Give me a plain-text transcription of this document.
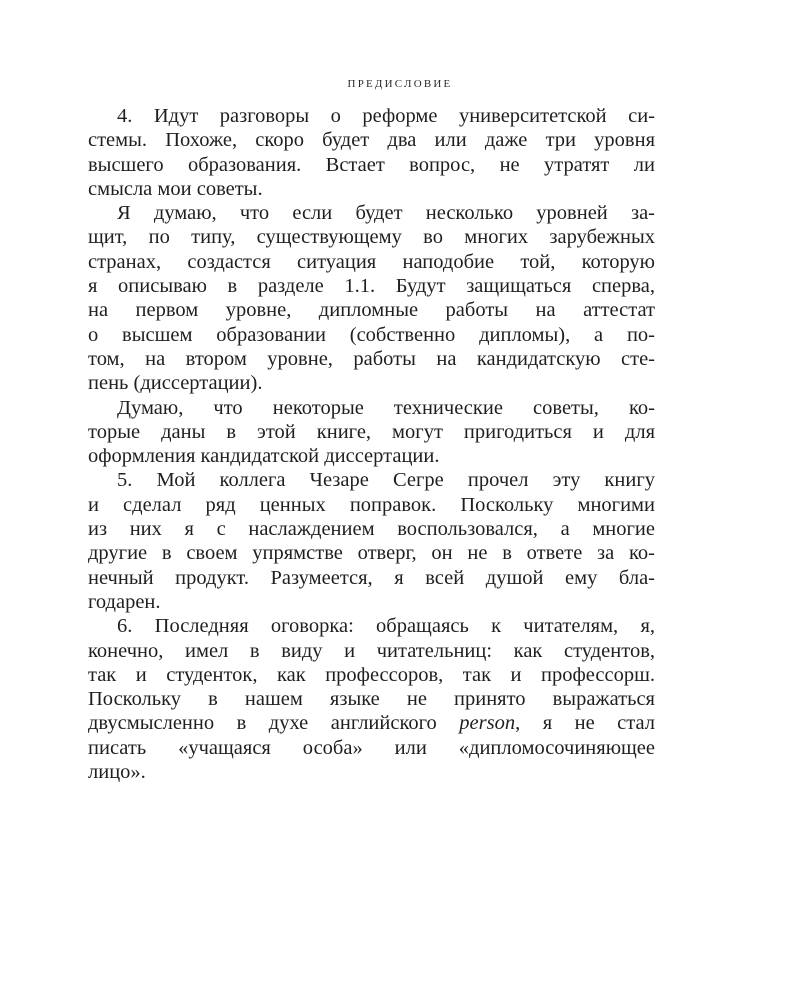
ПРЕДИСЛОВИЕ
4. Идут разговоры о реформе университетской си-
стемы. Похоже, скоро будет два или даже три уровня
высшего образования. Встает вопрос, не утратят ли
смысла мои советы.
Я думаю, что если будет несколько уровней за-
щит, по типу, существующему во многих зарубежных
странах, создастся ситуация наподобие той, которую
я описываю в разделе 1.1. Будут защищаться сперва,
на первом уровне, дипломные работы на аттестат
о высшем образовании (собственно дипломы), а по-
том, на втором уровне, работы на кандидатскую сте-
пень (диссертации).
Думаю, что некоторые технические советы, ко-
торые даны в этой книге, могут пригодиться и для
оформления кандидатской диссертации.
5. Мой коллега Чезаре Сегре прочел эту книгу
и сделал ряд ценных поправок. Поскольку многими
из них я с наслаждением воспользовался, а многие
другие в своем упрямстве отверг, он не в ответе за ко-
нечный продукт. Разумеется, я всей душой ему бла-
годарен.
6. Последняя оговорка: обращаясь к читателям, я,
конечно, имел в виду и читательниц: как студентов,
так и студенток, как профессоров, так и профессорш.
Поскольку в нашем языке не принято выражаться
двусмысленно в духе английского person, я не стал
писать «учащаяся особа» или «дипломосочиняющее
лицо».
